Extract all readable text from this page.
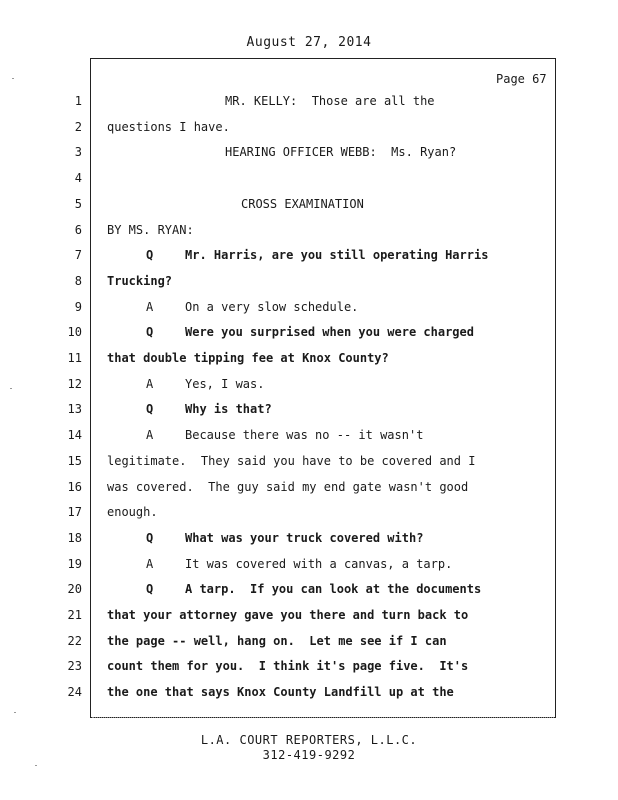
August 27, 2014
Page 67
1	MR. KELLY:  Those are all the
2 questions I have.
3	HEARING OFFICER WEBB:  Ms. Ryan?
4
5	CROSS EXAMINATION
6 BY MS. RYAN:
7	Q	Mr. Harris, are you still operating Harris
8 Trucking?
9	A	On a very slow schedule.
10	Q	Were you surprised when you were charged
11 that double tipping fee at Knox County?
12	A	Yes, I was.
13	Q	Why is that?
14	A	Because there was no -- it wasn't
15 legitimate.  They said you have to be covered and I
16 was covered.  The guy said my end gate wasn't good
17 enough.
18	Q	What was your truck covered with?
19	A	It was covered with a canvas, a tarp.
20	Q	A tarp.  If you can look at the documents
21 that your attorney gave you there and turn back to
22 the page -- well, hang on.  Let me see if I can
23 count them for you.  I think it's page five.  It's
24 the one that says Knox County Landfill up at the
L.A. COURT REPORTERS, L.L.C.
312-419-9292
